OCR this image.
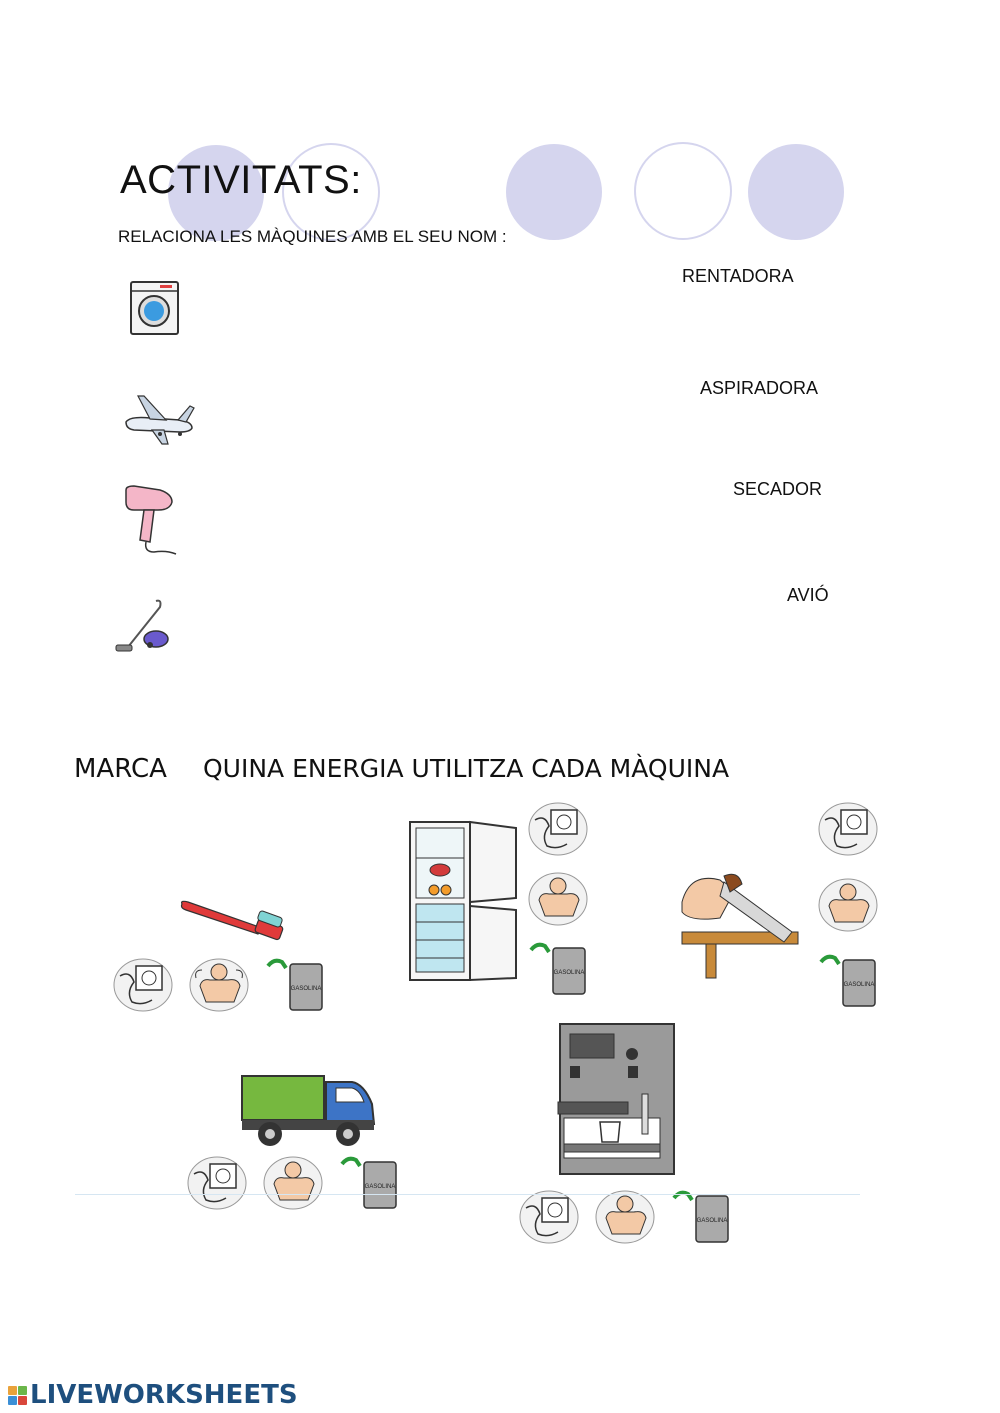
ACTIVITATS:
RELACIONA LES MÀQUINES AMB EL SEU NOM :
RENTADORA
ASPIRADORA
SECADOR
AVIÓ
MARCA QUINA ENERGIA UTILITZA CADA MÀQUINA
GASOLINA
GASOLINA
GASOLINA
GASOLINA
GASOLINA
LIVEWORKSHEETS
